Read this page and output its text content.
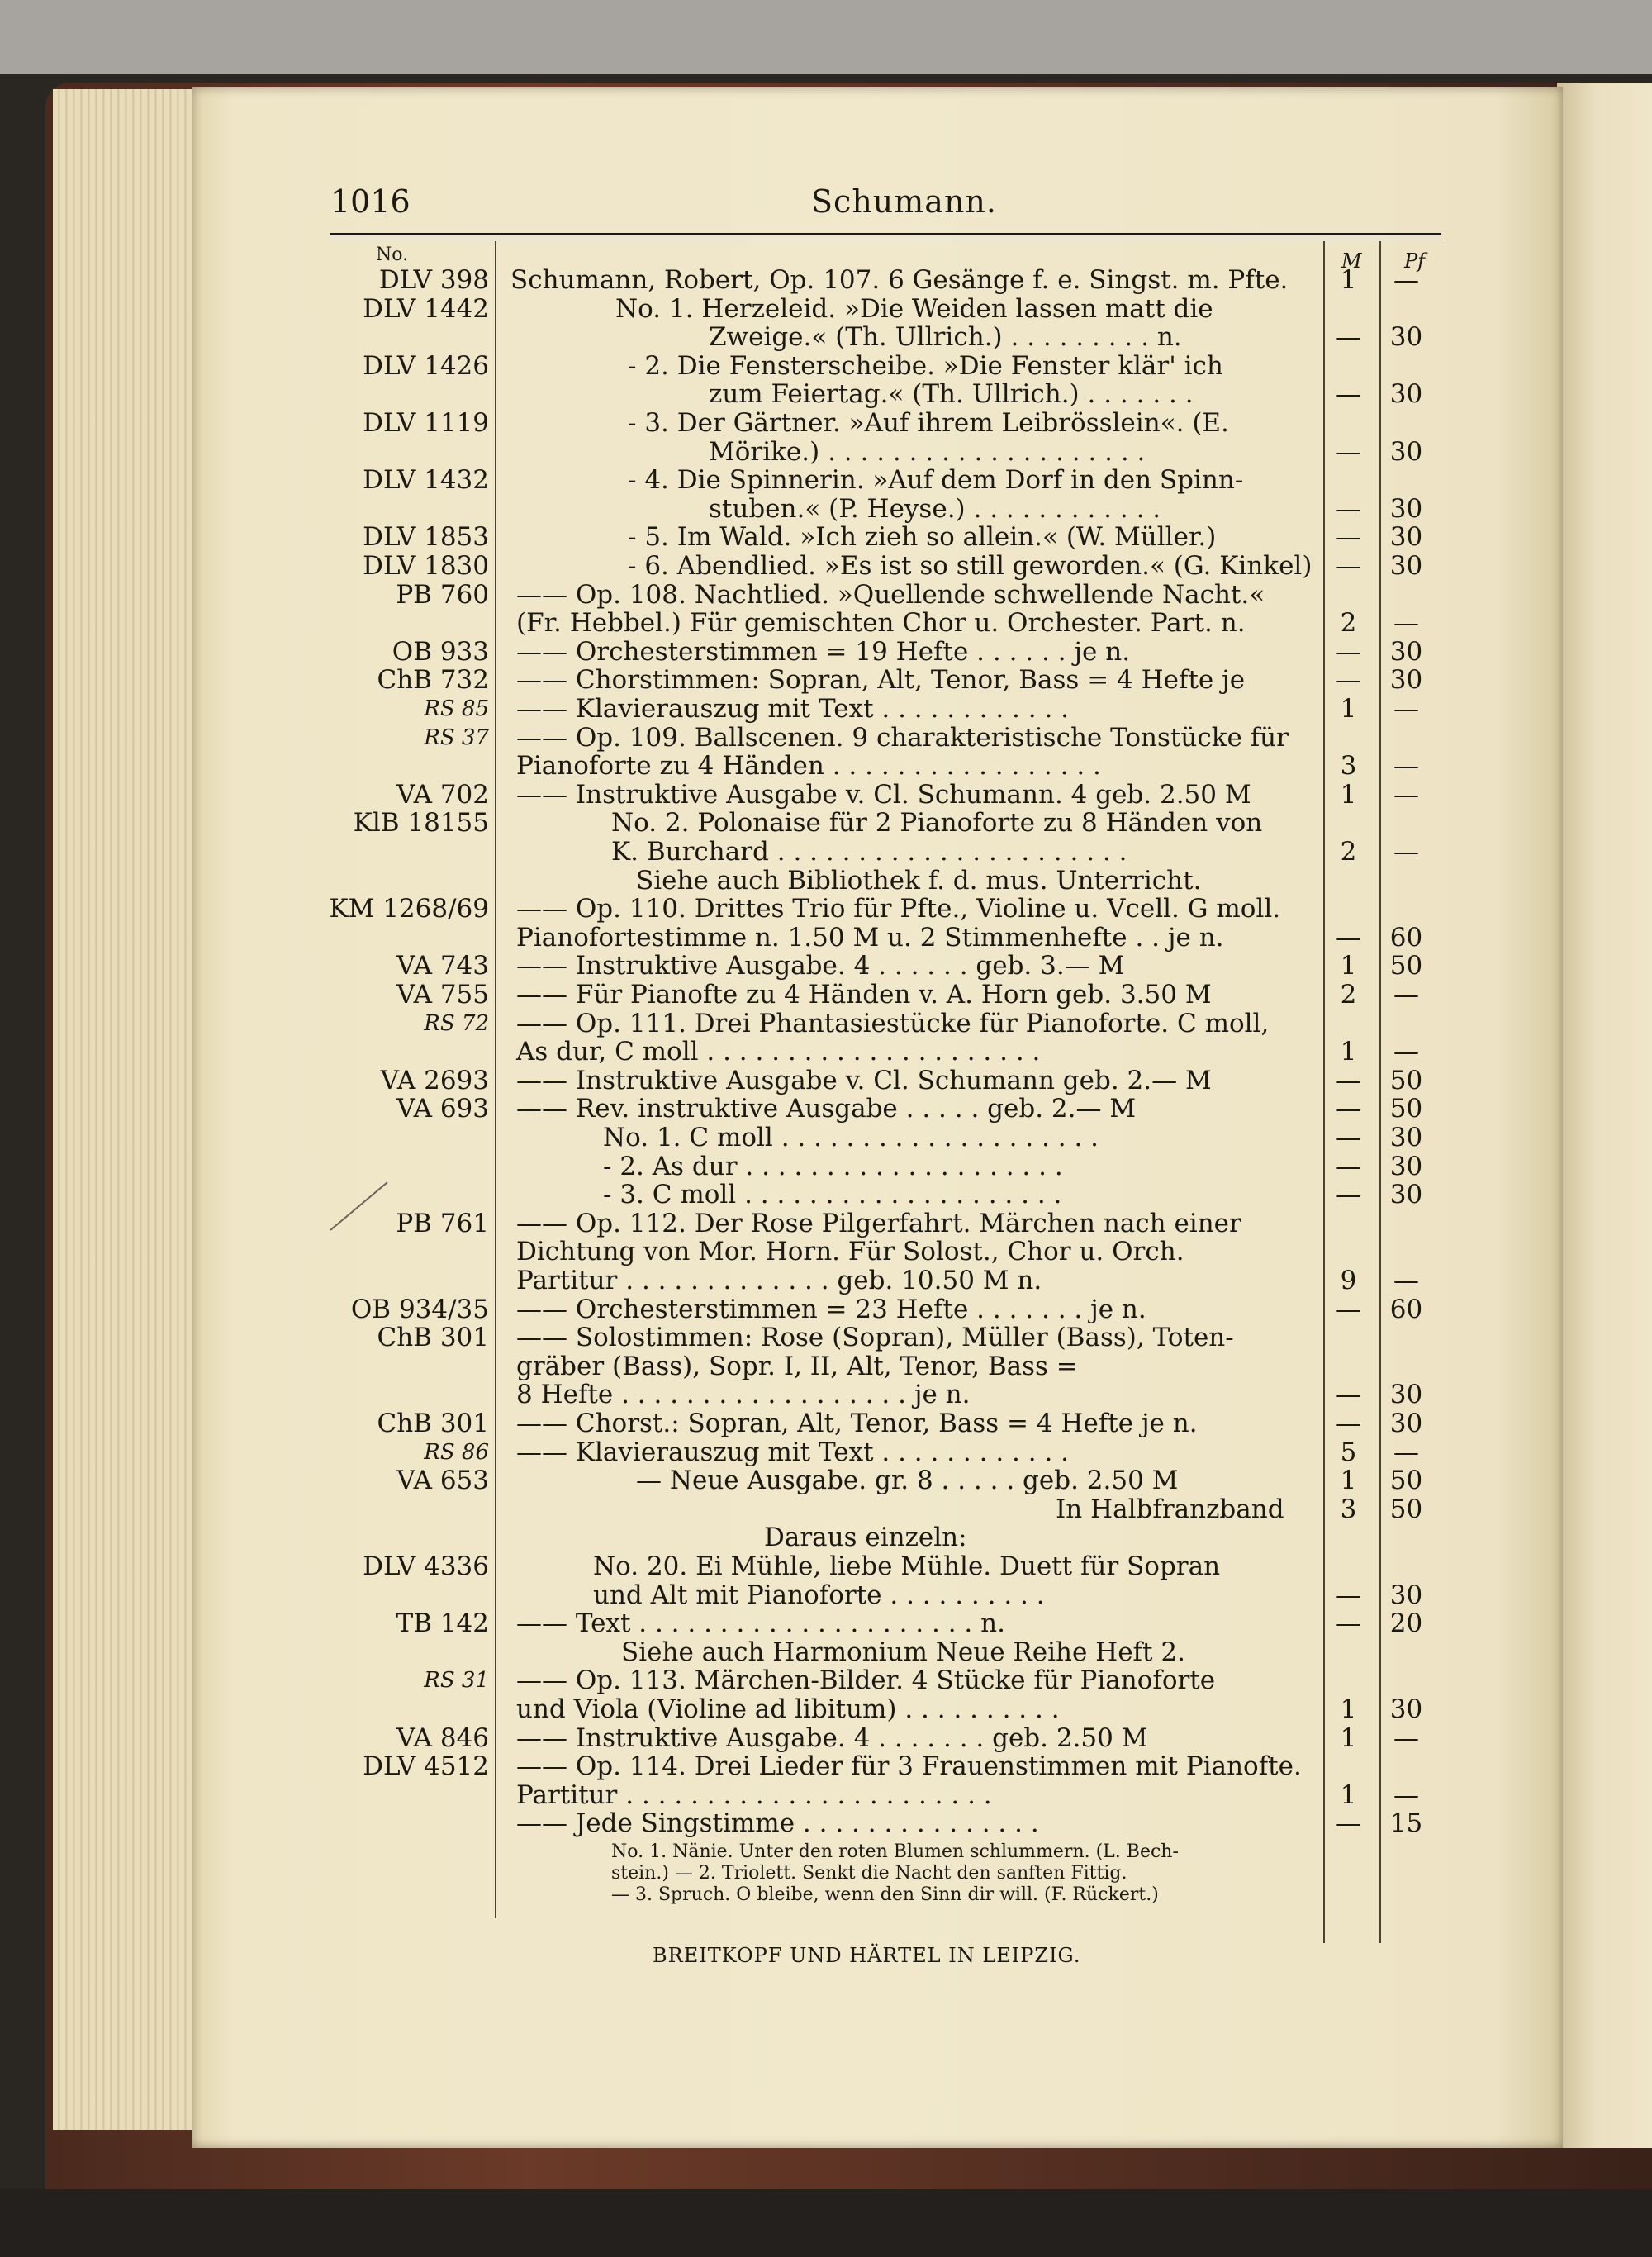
1016	Schumann.
No.	M Pf
DLV 398 Schumann, Robert, Op. 107. 6 Gesänge f. e. Singst. m. Pfte.	1	—
DLV 1442	No. 1. Herzeleid. »Die Weiden lassen matt die
Zweige.« (Th. Ullrich.) . . . . . . . . . n.	—	30
DLV 1426	- 2. Die Fensterscheibe. »Die Fenster klär' ich
zum Feiertag.« (Th. Ullrich.) . . . . . . .	—	30
DLV 1119	- 3. Der Gärtner. »Auf ihrem Leibrösslein«. (E.
Mörike.) . . . . . . . . . . . . . . . . . . . .	—	30
DLV 1432	- 4. Die Spinnerin. »Auf dem Dorf in den Spinn-
stuben.« (P. Heyse.) . . . . . . . . . . . .	—	30
DLV 1853	- 5. Im Wald. »Ich zieh so allein.« (W. Müller.)	—	30
DLV 1830	- 6. Abendlied. »Es ist so still geworden.« (G. Kinkel) —	30
PB 760 —— Op. 108. Nachtlied. »Quellende schwellende Nacht.«
(Fr. Hebbel.) Für gemischten Chor u. Orchester. Part. n.	2	—
OB 933 —— Orchesterstimmen = 19 Hefte . . . . . . je n.	—	30
ChB 732 —— Chorstimmen: Sopran, Alt, Tenor, Bass = 4 Hefte je	—	30
RS 85 —— Klavierauszug mit Text . . . . . . . . . . . .	1	—
RS 37 —— Op. 109. Ballscenen. 9 charakteristische Tonstücke für
Pianoforte zu 4 Händen . . . . . . . . . . . . . . . . .	3	—
VA 702 —— Instruktive Ausgabe v. Cl. Schumann. 4 geb. 2.50 M	1	—
KlB 18155	No. 2. Polonaise für 2 Pianoforte zu 8 Händen von
K. Burchard . . . . . . . . . . . . . . . . . . . . . .	2	—
Siehe auch Bibliothek f. d. mus. Unterricht.
KM 1268/69 —— Op. 110. Drittes Trio für Pfte., Violine u. Vcell. G moll.
Pianofortestimme n. 1.50 M u. 2 Stimmenhefte . . je n.	—	60
VA 743 —— Instruktive Ausgabe. 4 . . . . . . geb. 3.— M	1	50
VA 755 —— Für Pianofte zu 4 Händen v. A. Horn geb. 3.50 M	2	—
RS 72 —— Op. 111. Drei Phantasiestücke für Pianoforte. C moll,
As dur, C moll . . . . . . . . . . . . . . . . . . . . .	1	—
VA 2693 —— Instruktive Ausgabe v. Cl. Schumann geb. 2.— M	—	50
VA 693 —— Rev. instruktive Ausgabe . . . . . geb. 2.— M	—	50
No. 1. C moll . . . . . . . . . . . . . . . . . . . .	—	30
- 2. As dur . . . . . . . . . . . . . . . . . . . .	—	30
- 3. C moll . . . . . . . . . . . . . . . . . . . .	—	30
PB 761 —— Op. 112. Der Rose Pilgerfahrt. Märchen nach einer
Dichtung von Mor. Horn. Für Solost., Chor u. Orch.
Partitur . . . . . . . . . . . . . geb. 10.50 M n.	9	—
OB 934/35 —— Orchesterstimmen = 23 Hefte . . . . . . . je n.	—	60
ChB 301 —— Solostimmen: Rose (Sopran), Müller (Bass), Toten-
gräber (Bass), Sopr. I, II, Alt, Tenor, Bass =
8 Hefte . . . . . . . . . . . . . . . . . . je n.	—	30
ChB 301 —— Chorst.: Sopran, Alt, Tenor, Bass = 4 Hefte je n.	—	30
RS 86 —— Klavierauszug mit Text . . . . . . . . . . . .	5	—
VA 653	— Neue Ausgabe. gr. 8 . . . . . geb. 2.50 M	1	50
In Halbfranzband	3	50
Daraus einzeln:
DLV 4336	No. 20. Ei Mühle, liebe Mühle. Duett für Sopran
und Alt mit Pianoforte . . . . . . . . . .	—	30
TB 142 —— Text . . . . . . . . . . . . . . . . . . . . . n.	—	20
Siehe auch Harmonium Neue Reihe Heft 2.
RS 31 —— Op. 113. Märchen-Bilder. 4 Stücke für Pianoforte
und Viola (Violine ad libitum) . . . . . . . . . .	1	30
VA 846 —— Instruktive Ausgabe. 4 . . . . . . . geb. 2.50 M	1	—
DLV 4512 —— Op. 114. Drei Lieder für 3 Frauenstimmen mit Pianofte.
Partitur . . . . . . . . . . . . . . . . . . . . . . .	1	—
—— Jede Singstimme . . . . . . . . . . . . . . .	—	15
No. 1. Nänie. Unter den roten Blumen schlummern. (L. Bech-
stein.) — 2. Triolett. Senkt die Nacht den sanften Fittig.
— 3. Spruch. O bleibe, wenn den Sinn dir will. (F. Rückert.)
BREITKOPF UND HÄRTEL IN LEIPZIG.
